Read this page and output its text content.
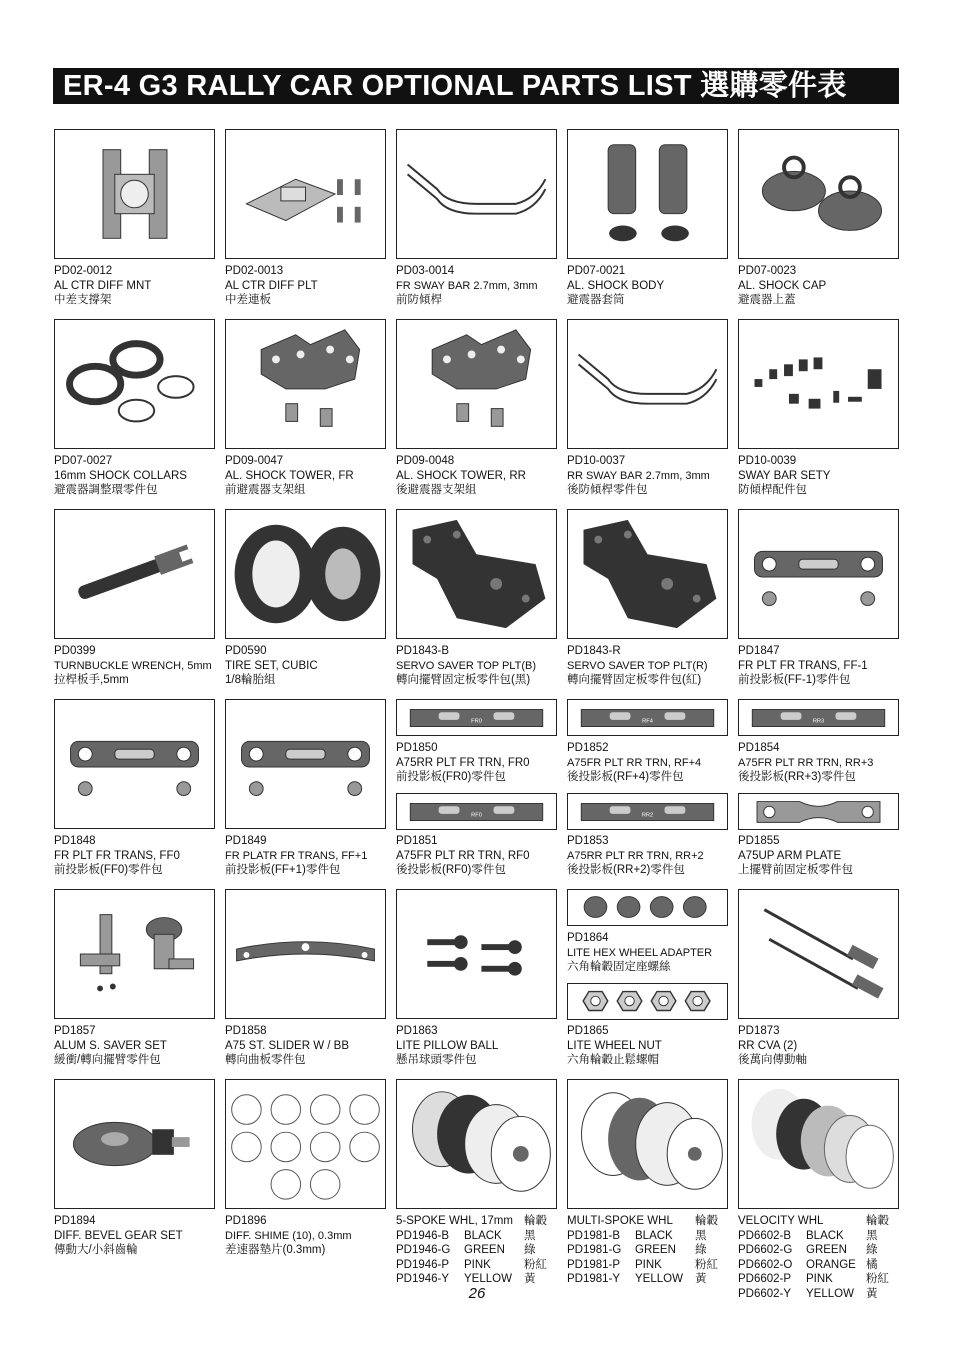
ER-4 G3 RALLY CAR OPTIONAL PARTS LIST 選購零件表
PD02-0012
AL CTR DIFF MNT
中差支撐架
PD02-0013
AL CTR DIFF PLT
中差連板
PD03-0014
FR SWAY BAR 2.7mm, 3mm
前防傾桿
PD07-0021
AL. SHOCK BODY
避震器套筒
PD07-0023
AL. SHOCK CAP
避震器上蓋
PD07-0027
16mm SHOCK COLLARS
避震器調整環零件包
PD09-0047
AL. SHOCK TOWER, FR
前避震器支架組
PD09-0048
AL. SHOCK TOWER, RR
後避震器支架組
PD10-0037
RR SWAY BAR 2.7mm, 3mm
後防傾桿零件包
PD10-0039
SWAY BAR SETY
防傾桿配件包
PD0399
TURNBUCKLE WRENCH, 5mm
拉桿板手,5mm
PD0590
TIRE SET, CUBIC
1/8輪胎組
PD1843-B
SERVO SAVER TOP PLT(B)
轉向擺臂固定板零件包(黑)
PD1843-R
SERVO SAVER TOP PLT(R)
轉向擺臂固定板零件包(紅)
PD1847
FR PLT FR TRANS, FF-1
前投影板(FF-1)零件包
PD1848
FR PLT FR TRANS, FF0
前投影板(FF0)零件包
PD1849
FR PLATR FR TRANS, FF+1
前投影板(FF+1)零件包
FR0
PD1850
A75RR PLT FR TRN, FR0
前投影板(FR0)零件包
RF4
PD1852
A75FR PLT RR TRN, RF+4
後投影板(RF+4)零件包
RR3
PD1854
A75FR PLT RR TRN, RR+3
後投影板(RR+3)零件包
RF0
PD1851
A75FR PLT RR TRN, RF0
後投影板(RF0)零件包
RR2
PD1853
A75RR PLT RR TRN, RR+2
後投影板(RR+2)零件包
PD1855
A75UP ARM PLATE
上擺臂前固定板零件包
PD1857
ALUM S. SAVER SET
緩衝/轉向擺臂零件包
PD1858
A75 ST. SLIDER W / BB
轉向曲板零件包
PD1863
LITE PILLOW BALL
懸吊球頭零件包
PD1864
LITE HEX WHEEL ADAPTER
六角輪轂固定座螺絲
PD1865
LITE WHEEL NUT
六角輪轂止鬆螺帽
PD1873
RR CVA (2)
後萬向傳動軸
PD1894
DIFF. BEVEL GEAR SET
傳動大/小斜齒輪
PD1896
DIFF. SHIME (10), 0.3mm
差速器墊片(0.3mm)
5-SPOKE WHL, 17mm 輪轂
PD1946-B BLACK 黑
PD1946-G GREEN 綠
PD1946-P PINK	粉紅
PD1946-Y YELLOW 黃
MULTI-SPOKE WHL 輪轂
PD1981-B BLACK 黑
PD1981-G GREEN 綠
PD1981-P PINK	粉紅
PD1981-Y YELLOW 黃
VELOCITY WHL	輪轂
PD6602-B BLACK 黑
PD6602-G GREEN 綠
PD6602-O ORANGE 橘
PD6602-P PINK	粉紅
PD6602-Y YELLOW 黃
26
